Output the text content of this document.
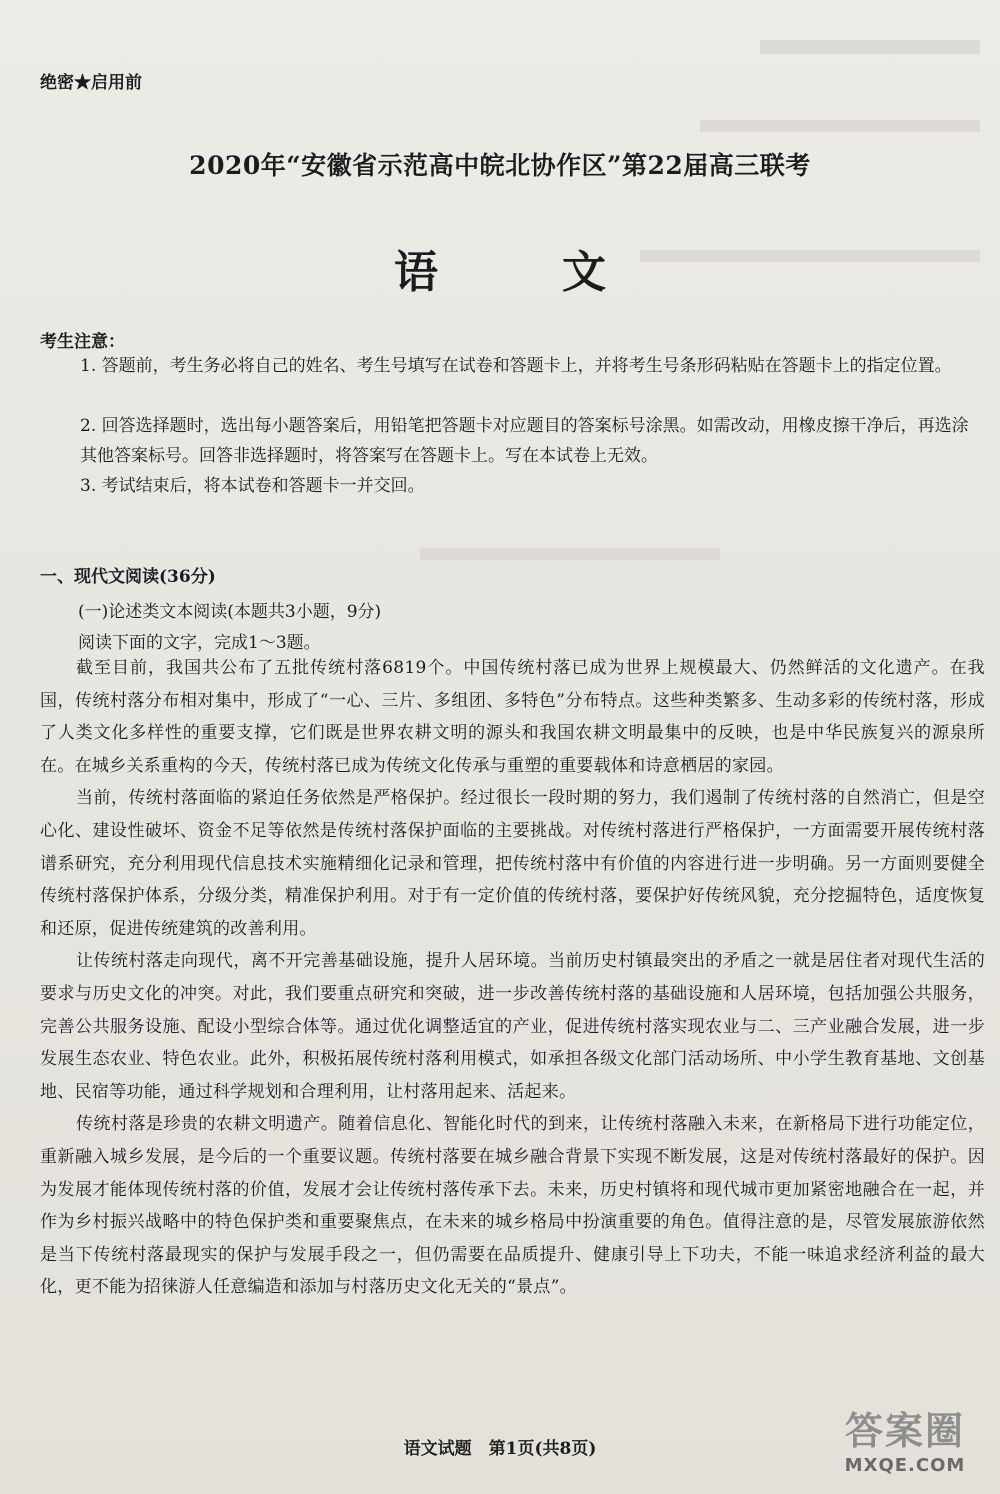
绝密★启用前
2020年“安徽省示范高中皖北协作区”第22届高三联考
语　文
考生注意：
1. 答题前，考生务必将自己的姓名、考生号填写在试卷和答题卡上，并将考生号条形码粘贴在答题卡上的指定位置。
2. 回答选择题时，选出每小题答案后，用铅笔把答题卡对应题目的答案标号涂黑。如需改动，用橡皮擦干净后，再选涂其他答案标号。回答非选择题时，将答案写在答题卡上。写在本试卷上无效。
3. 考试结束后，将本试卷和答题卡一并交回。
一、现代文阅读(36分)
(一)论述类文本阅读(本题共3小题，9分)
阅读下面的文字，完成1～3题。

截至目前，我国共公布了五批传统村落6819个。中国传统村落已成为世界上规模最大、仍然鲜活的文化遗产。在我国，传统村落分布相对集中，形成了“一心、三片、多组团、多特色”分布特点。这些种类繁多、生动多彩的传统村落，形成了人类文化多样性的重要支撑，它们既是世界农耕文明的源头和我国农耕文明最集中的反映，也是中华民族复兴的源泉所在。在城乡关系重构的今天，传统村落已成为传统文化传承与重塑的重要载体和诗意栖居的家园。

当前，传统村落面临的紧迫任务依然是严格保护。经过很长一段时期的努力，我们遏制了传统村落的自然消亡，但是空心化、建设性破坏、资金不足等依然是传统村落保护面临的主要挑战。对传统村落进行严格保护，一方面需要开展传统村落谱系研究，充分利用现代信息技术实施精细化记录和管理，把传统村落中有价值的内容进行进一步明确。另一方面则要健全传统村落保护体系，分级分类，精准保护利用。对于有一定价值的传统村落，要保护好传统风貌，充分挖掘特色，适度恢复和还原，促进传统建筑的改善利用。

让传统村落走向现代，离不开完善基础设施，提升人居环境。当前历史村镇最突出的矛盾之一就是居住者对现代生活的要求与历史文化的冲突。对此，我们要重点研究和突破，进一步改善传统村落的基础设施和人居环境，包括加强公共服务，完善公共服务设施、配设小型综合体等。通过优化调整适宜的产业，促进传统村落实现农业与二、三产业融合发展，进一步发展生态农业、特色农业。此外，积极拓展传统村落利用模式，如承担各级文化部门活动场所、中小学生教育基地、文创基地、民宿等功能，通过科学规划和合理利用，让村落用起来、活起来。

传统村落是珍贵的农耕文明遗产。随着信息化、智能化时代的到来，让传统村落融入未来，在新格局下进行功能定位，重新融入城乡发展，是今后的一个重要议题。传统村落要在城乡融合背景下实现不断发展，这是对传统村落最好的保护。因为发展才能体现传统村落的价值，发展才会让传统村落传承下去。未来，历史村镇将和现代城市更加紧密地融合在一起，并作为乡村振兴战略中的特色保护类和重要聚焦点，在未来的城乡格局中扮演重要的角色。值得注意的是，尽管发展旅游依然是当下传统村落最现实的保护与发展手段之一，但仍需要在品质提升、健康引导上下功夫，不能一味追求经济利益的最大化，更不能为招徕游人任意编造和添加与村落历史文化无关的“景点”。

语文试题　第1页(共8页)	答案圈
MXQE.COM
